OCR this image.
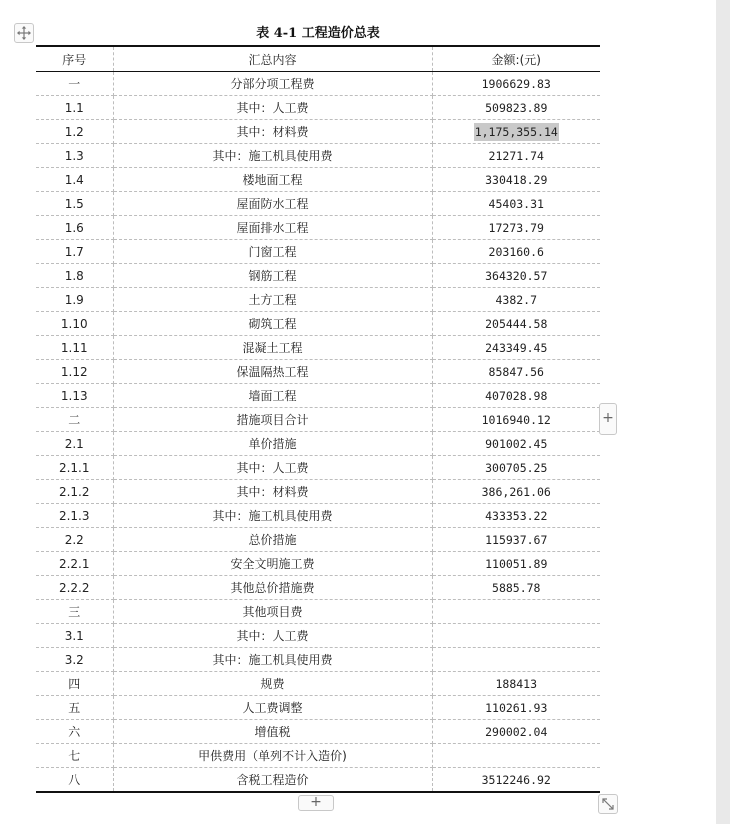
表 4-1 工程造价总表
序号	汇总内容	金额:(元)
一	分部分项工程费	1906629.83
1.1	其中：人工费	509823.89
1.2	其中：材料费	1,175,355.14
1.3	其中：施工机具使用费	21271.74
1.4	楼地面工程	330418.29
1.5	屋面防水工程	45403.31
1.6	屋面排水工程	17273.79
1.7	门窗工程	203160.6
1.8	钢筋工程	364320.57
1.9	土方工程	4382.7
1.10	砌筑工程	205444.58
1.11	混凝土工程	243349.45
1.12	保温隔热工程	85847.56
1.13	墙面工程	407028.98
二	措施项目合计	1016940.12
2.1	单价措施	901002.45
2.1.1	其中：人工费	300705.25
2.1.2	其中：材料费	386,261.06
2.1.3	其中：施工机具使用费	433353.22
2.2	总价措施	115937.67
2.2.1	安全文明施工费	110051.89
2.2.2	其他总价措施费	5885.78
三	其他项目费	
3.1	其中：人工费	
3.2	其中：施工机具使用费	
四	规费	188413
五	人工费调整	110261.93
六	增值税	290002.04
七	甲供费用（单列不计入造价)	
八	含税工程造价	3512246.92
+
+
